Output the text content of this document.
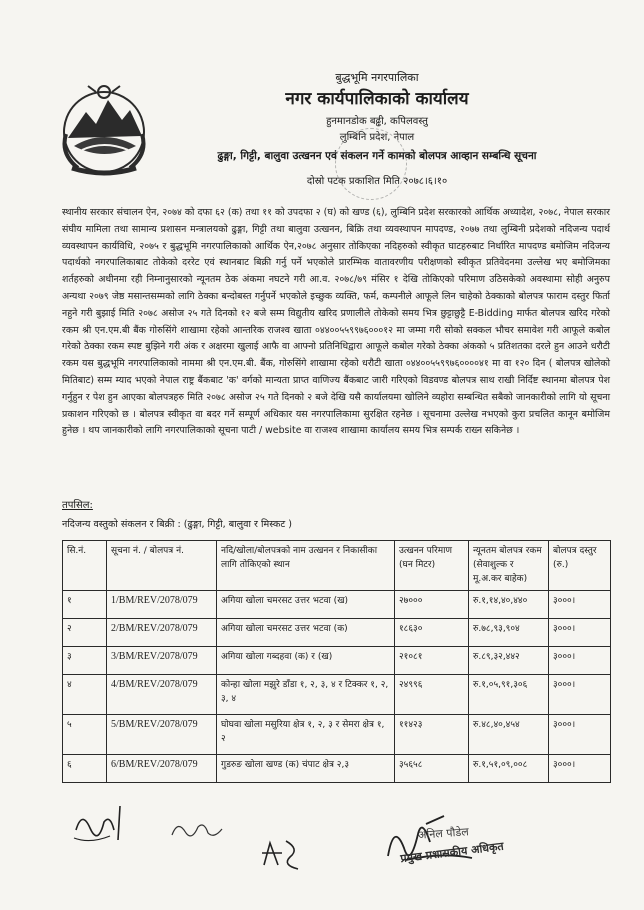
बुद्धभूमि नगरपालिका
नगर कार्यपालिकाको कार्यालय
हुनमानडोक बढ्ढी, कपिलवस्तु
लुम्बिनि प्रदेश, नेपाल
ढुङ्गा, गिट्टी, बालुवा उत्खनन एवं संकलन गर्ने कामको बोलपत्र आव्हान सम्बन्धि सूचना
दोस्रो पटक प्रकाशित मिति २०७८।६।१०
स्थानीय सरकार संचालन ऐन, २०७४ को दफा ६२ (क) तथा ११ को उपदफा २ (घ) को खण्ड (६), लुम्बिनि प्रदेश सरकारको आर्थिक अध्यादेश, २०७८, नेपाल सरकार संघीय मामिला तथा सामान्य प्रशासन मन्त्रालयको ढुङ्गा, गिट्टी तथा बालुवा उत्खनन, बिक्रि तथा व्यवस्थापन मापदण्ड, २०७७ तथा लुम्बिनी प्रदेशको नदिजन्य पदार्थ व्यवस्थापन कार्यविधि, २०७५ र बुद्धभूमि नगरपालिकाको आर्थिक ऐन,२०७८ अनुसार तोकिएका नदिहरुको स्वीकृत घाटहरुबाट निर्धारित मापदण्ड बमोजिम नदिजन्य पदार्थको नगरपालिकाबाट तोकेको दररेट एवं स्थानबाट बिक्री गर्नु पर्ने भएकोले प्रारम्भिक वातावरणीय परीक्षणको स्वीकृत प्रतिवेदनमा उल्लेख भए बमोजिमका शर्तहरुको अधीनमा रही निम्नानुसारको न्यूनतम ठेक अंकमा नघटने गरी आ.व. २०७८/७९ मंसिर १ देखि तोकिएको परिमाण उठिसकेको अवस्थामा सोही अनुरुप अन्यथा २०७९ जेष्ठ मसान्तसम्मको लागि ठेक्का बन्दोबस्त गर्नुपर्ने भएकोले इच्छुक व्यक्ति, फर्म, कम्पनीले आफूले लिन चाहेको ठेक्काको बोलपत्र फाराम दस्तुर फिर्ता नहुने गरी बुझाई मिति २०७८ असोज २५ गते दिनको १२ बजे सम्म विद्युतीय खरिद प्रणालीले तोकेको समय भित्र छुट्टाछुट्टै E-Bidding मार्फत बोलपत्र खरिद गरेको रकम श्री एन.एम.बी बैंक गोरुसिंगे शाखामा रहेको आन्तरिक राजश्व खाता ०४४००५५९९७६०००१२ मा जम्मा गरी सोको सक्कल भौचर समावेश गरी आफूले कबोल गरेको ठेक्का रकम स्पष्ट बुझिने गरी अंक र अक्षरमा खुलाई आफै वा आफ्नो प्रतिनिधिद्वारा आफूले कबोल गरेको ठेक्का अंकको ५ प्रतिशतका दरले हुन आउने धरौटी रकम यस बुद्धभूमि नगरपालिकाको नाममा श्री एन.एम.बी. बैंक, गोरुसिंगे शाखामा रहेको धरौटी खाता ०४४००५५९९७६००००४१ मा वा १२० दिन ( बोलपत्र खोलेको मितिबाट) सम्म म्याद भएको नेपाल राष्ट्र बैंकबाट 'क' वर्गको मान्यता प्राप्त वाणिज्य बैंकबाट जारी गरिएको विडवण्ड बोलपत्र साथ राखी निर्दिष्ट स्थानमा बोलपत्र पेश गर्नुहुन र पेश हुन आएका बोलपत्रहरु मिति २०७८ असोज २५ गते दिनको २ बजे देखि यसै कार्यालयमा खोलिने व्यहोरा सम्बन्धित सबैको जानकारीको लागि यो सूचना प्रकाशन गरिएको छ । बोलपत्र स्वीकृत वा बदर गर्ने सम्पूर्ण अधिकार यस नगरपालिकामा सुरक्षित रहनेछ । सूचनामा उल्लेख नभएको कुरा प्रचलित कानून बमोजिम हुनेछ । थप जानकारीको लागि नगरपालिकाको सूचना पाटी / website वा राजश्व शाखामा कार्यालय समय भित्र सम्पर्क राख्न सकिनेछ ।
तपसिल:
नदिजन्य वस्तुको संकलन र बिक्री : (ढुङ्गा, गिट्टी, बालुवा र मिस्कट )
सि.नं.	सूचना नं. / बोलपत्र नं.	नदि/खोला/बोलपत्रको नाम उत्खनन र निकासीका लागि तोकिएको स्थान	उत्खनन परिमाण (घन मिटर)	न्यूनतम बोलपत्र रकम (सेवाशुल्क र मू.अ.कर बाहेक)	बोलपत्र दस्तुर (रु.)
१	1/BM/REV/2078/079	अगिया खोला चमरसट उत्तर भटवा (ख)	२७०००	रु.१,१४,४०,४४०	३०००।
२	2/BM/REV/2078/079	अगिया खोला चमरसट उत्तर भटवा (क)	१८६३०	रु.७८,९३,९०४	३०००।
३	3/BM/REV/2078/079	अगिया खोला गब्दहवा (क) र (ख)	२१०८१	रु.८९,३२,४४२	३०००।
४	4/BM/REV/2078/079	कोन्हा खोला मझुरे डाँडा १, २, ३, ४ र टिक्कर १, २, ३, ४	२४९९६	रु.१,०५,९१,३०६	३०००।
५	5/BM/REV/2078/079	घोघवा खोला मसुरिया क्षेत्र १, २, ३ र सेमरा क्षेत्र १, २	११४२३	रु.४८,४०,४५४	३०००।
६	6/BM/REV/2078/079	गुडरुङ खोला खण्ड (क) चंपाट क्षेत्र २,३	३५६५८	रु.१,५१,०९,००८	३०००।
अनिल पौडेल
प्रमुख प्रशासकीय अधिकृत
